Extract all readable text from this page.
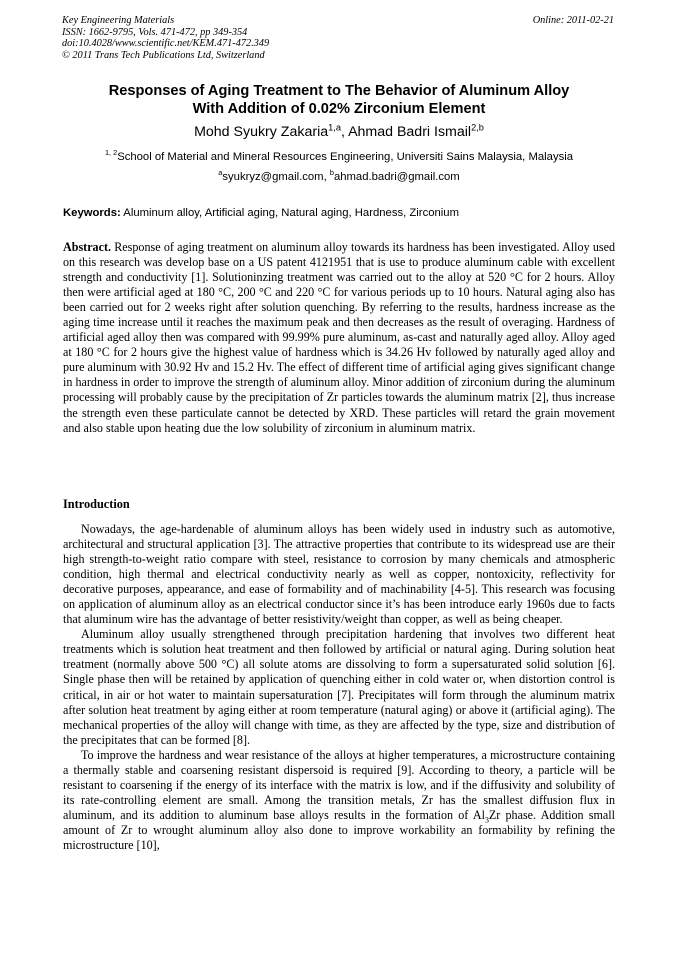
Key Engineering Materials
ISSN: 1662-9795, Vols. 471-472, pp 349-354
doi:10.4028/www.scientific.net/KEM.471-472.349
© 2011 Trans Tech Publications Ltd, Switzerland
Online: 2011-02-21
Responses of Aging Treatment to The Behavior of Aluminum Alloy
With Addition of 0.02% Zirconium Element
Mohd Syukry Zakaria$^{1,a}$, Ahmad Badri Ismail$^{2,b}$
$^{1, 2}$School of Material and Mineral Resources Engineering, Universiti Sains Malaysia, Malaysia
$^a$syukryz@gmail.com, $^b$ahmad.badri@gmail.com
Keywords: Aluminum alloy, Artificial aging, Natural aging, Hardness, Zirconium

Abstract. Response of aging treatment on aluminum alloy towards its hardness has been investigated. Alloy used on this research was develop base on a US patent 4121951 that is use to produce aluminum cable with excellent strength and conductivity [1]. Solutioninzing treatment was carried out to the alloy at 520 °C for 2 hours. Alloy then were artificial aged at 180 °C, 200 °C and 220 °C for various periods up to 10 hours. Natural aging also has been carried out for 2 weeks right after solution quenching. By referring to the results, hardness increase as the aging time increase until it reaches the maximum peak and then decreases as the result of overaging. Hardness of artificial aged alloy then was compared with 99.99% pure aluminum, as-cast and naturally aged alloy. Alloy aged at 180 °C for 2 hours give the highest value of hardness which is 34.26 Hv followed by naturally aged alloy and pure aluminum with 30.92 Hv and 15.2 Hv. The effect of different time of artificial aging gives significant change in hardness in order to improve the strength of aluminum alloy. Minor addition of zirconium during the aluminum processing will probably cause by the precipitation of Zr particles towards the aluminum matrix [2], thus increase the strength even these particulate cannot be detected by XRD. These particles will retard the grain movement and also stable upon heating due the low solubility of zirconium in aluminum matrix.

Introduction

Nowadays, the age-hardenable of aluminum alloys has been widely used in industry such as automotive, architectural and structural application [3]. The attractive properties that contribute to its widespread use are their high strength-to-weight ratio compare with steel, resistance to corrosion by many chemicals and atmospheric condition, high thermal and electrical conductivity nearly as well as copper, nontoxicity, reflectivity for decorative purposes, appearance, and ease of formability and of machinability [4-5]. This research was focusing on application of aluminum alloy as an electrical conductor since it’s has been introduce early 1960s due to facts that aluminum wire has the advantage of better resistivity/weight than copper, as well as being cheaper.

Aluminum alloy usually strengthened through precipitation hardening that involves two different heat treatments which is solution heat treatment and then followed by artificial or natural aging. During solution heat treatment (normally above 500 °C) all solute atoms are dissolving to form a supersaturated solid solution [6]. Single phase then will be retained by application of quenching either in cold water or, when distortion control is critical, in air or hot water to maintain supersaturation [7]. Precipitates will form through the aluminum matrix after solution heat treatment by aging either at room temperature (natural aging) or above it (artificial aging). The mechanical properties of the alloy will change with time, as they are affected by the type, size and distribution of the precipitates that can be formed [8].

To improve the hardness and wear resistance of the alloys at higher temperatures, a microstructure containing a thermally stable and coarsening resistant dispersoid is required [9]. According to theory, a particle will be resistant to coarsening if the energy of its interface with the matrix is low, and if the diffusivity and solubility of its rate-controlling element are small. Among the transition metals, Zr has the smallest diffusion flux in aluminum, and its addition to aluminum base alloys results in the formation of $Al_3Zr$ phase. Addition small amount of Zr to wrought aluminum alloy also done to improve workability an formability by refining the microstructure [10],
